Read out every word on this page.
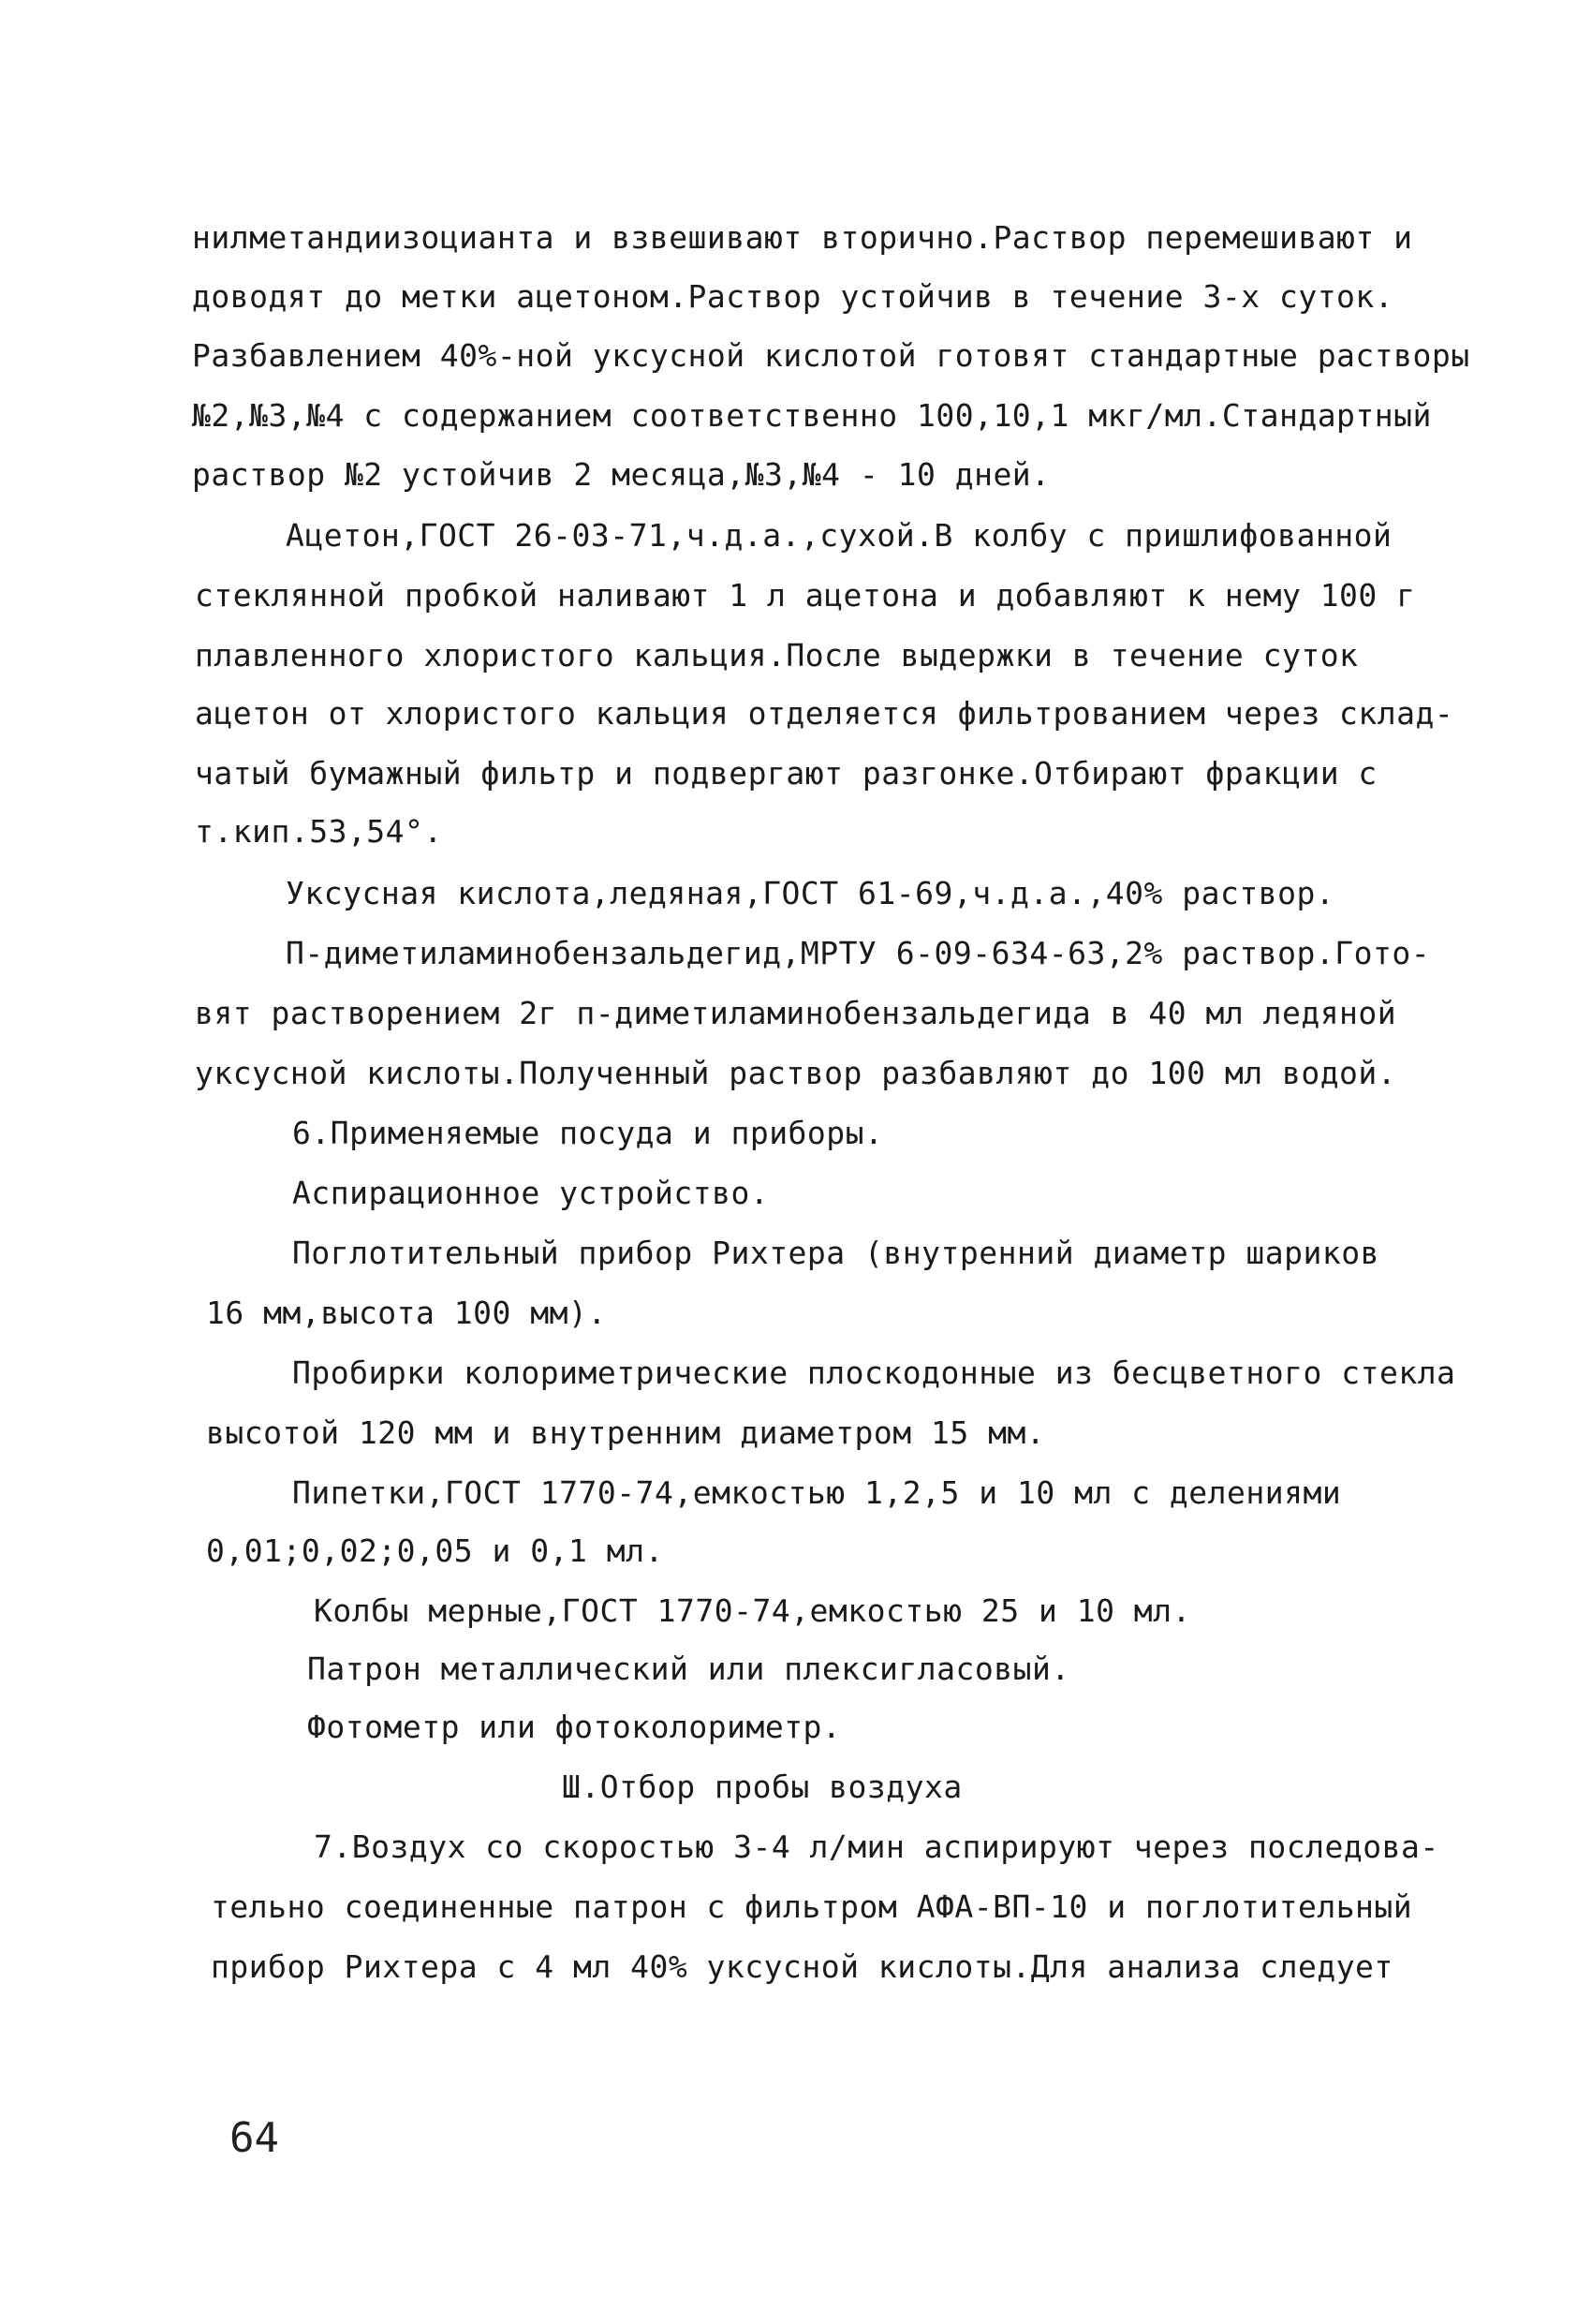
нилметандиизоцианта и взвешивают вторично.Раствор перемешивают и
доводят до метки ацетоном.Раствор устойчив в течение 3-х суток.
Разбавлением 40%-ной уксусной кислотой готовят стандартные растворы
№2,№3,№4 с содержанием соответственно 100,10,1 мкг/мл.Стандартный
раствор №2 устойчив 2 месяца,№3,№4 - 10 дней.
Ацетон,ГОСТ 26-03-71,ч.д.а.,сухой.В колбу с пришлифованной
стеклянной пробкой наливают 1 л ацетона и добавляют к нему 100 г
плавленного хлористого кальция.После выдержки в течение суток
ацетон от хлористого кальция отделяется фильтрованием через склад-
чатый бумажный фильтр и подвергают разгонке.Отбирают фракции с
т.кип.53,54°.
Уксусная кислота,ледяная,ГОСТ 61-69,ч.д.а.,40% раствор.
П-диметиламинобензальдегид,МРТУ 6-09-634-63,2% раствор.Гото-
вят растворением 2г п-диметиламинобензальдегида в 40 мл ледяной
уксусной кислоты.Полученный раствор разбавляют до 100 мл водой.
6.Применяемые посуда и приборы.
Аспирационное устройство.
Поглотительный прибор Рихтера (внутренний диаметр шариков
16 мм,высота 100 мм).
Пробирки колориметрические плоскодонные из бесцветного стекла
высотой 120 мм и внутренним диаметром 15 мм.
Пипетки,ГОСТ 1770-74,емкостью 1,2,5 и 10 мл с делениями
0,01;0,02;0,05 и 0,1 мл.
Колбы мерные,ГОСТ 1770-74,емкостью 25 и 10 мл.
Патрон металлический или плексигласовый.
Фотометр или фотоколориметр.
Ш.Отбор пробы воздуха
7.Воздух со скоростью 3-4 л/мин аспирируют через последова-
тельно соединенные патрон с фильтром АФА-ВП-10 и поглотительный
прибор Рихтера с 4 мл 40% уксусной кислоты.Для анализа следует
64
